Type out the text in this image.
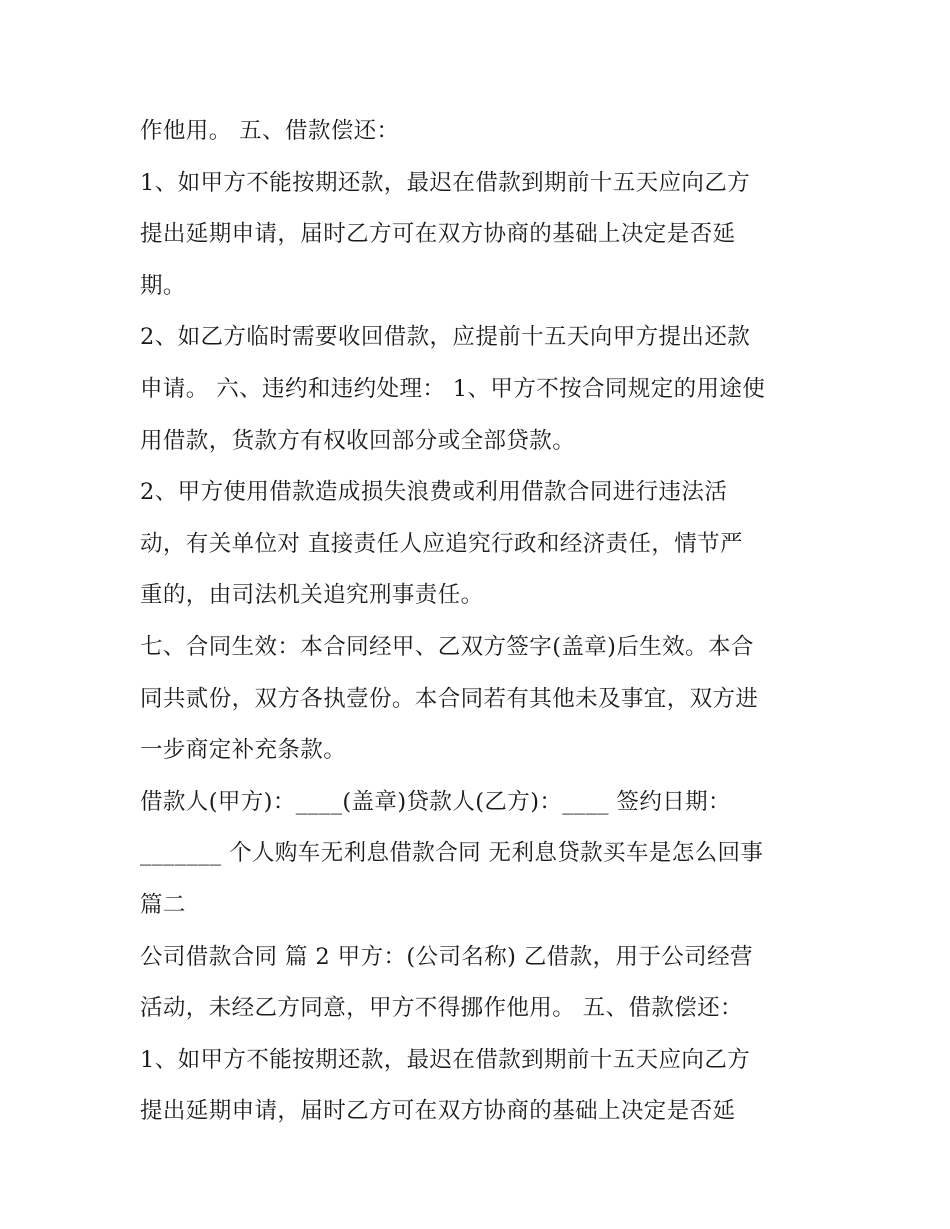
作他用。 五、借款偿还：
1、如甲方不能按期还款，最迟在借款到期前十五天应向乙方
提出延期申请，届时乙方可在双方协商的基础上决定是否延
期。
2、如乙方临时需要收回借款，应提前十五天向甲方提出还款
申请。 六、违约和违约处理： 1、甲方不按合同规定的用途使
用借款，货款方有权收回部分或全部贷款。
2、甲方使用借款造成损失浪费或利用借款合同进行违法活
动，有关单位对 直接责任人应追究行政和经济责任，情节严
重的，由司法机关追究刑事责任。
七、合同生效：本合同经甲、乙双方签字(盖章)后生效。本合
同共贰份，双方各执壹份。本合同若有其他未及事宜，双方进
一步商定补充条款。
借款人(甲方)：____(盖章)贷款人(乙方)：____ 签约日期：
_______ 个人购车无利息借款合同 无利息贷款买车是怎么回事
篇二
公司借款合同 篇 2 甲方：(公司名称) 乙借款，用于公司经营
活动，未经乙方同意，甲方不得挪作他用。 五、借款偿还：
1、如甲方不能按期还款，最迟在借款到期前十五天应向乙方
提出延期申请，届时乙方可在双方协商的基础上决定是否延
